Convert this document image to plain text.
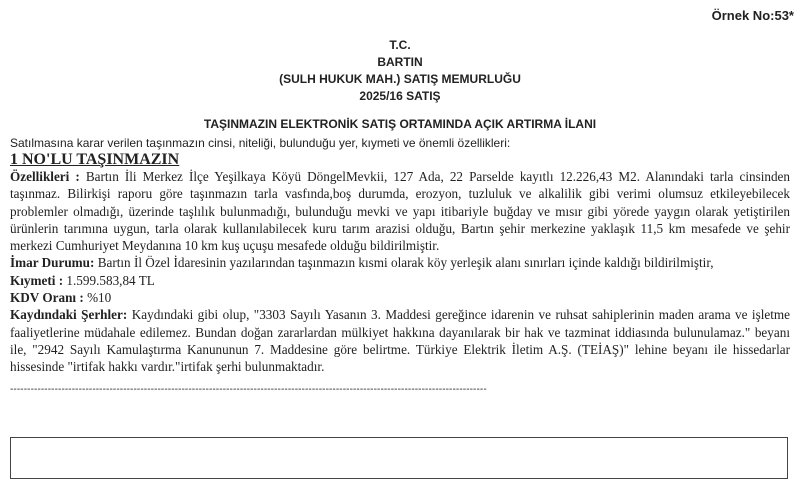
Örnek No:53*
T.C.
BARTIN
(SULH HUKUK MAH.) SATIŞ MEMURLUĞU
2025/16 SATIŞ
TAŞINMAZIN ELEKTRONİK SATIŞ ORTAMINDA AÇIK ARTIRMA İLANI
Satılmasına karar verilen taşınmazın cinsi, niteliği, bulunduğu yer, kıymeti ve önemli özellikleri:
1 NO'LU TAŞINMAZIN

Özellikleri : Bartın İli Merkez İlçe Yeşilkaya Köyü DöngelMevkii, 127 Ada, 22 Parselde kayıtlı 12.226,43 M2. Alanındaki tarla cinsinden taşınmaz. Bilirkişi raporu göre taşınmazın tarla vasfında,boş durumda, erozyon, tuzluluk ve alkalilik gibi verimi olumsuz etkileyebilecek problemler olmadığı, üzerinde taşlılık bulunmadığı, bulunduğu mevki ve yapı itibariyle buğday ve mısır gibi yörede yaygın olarak yetiştirilen ürünlerin tarımına uygun, tarla olarak kullanılabilecek kuru tarım arazisi olduğu, Bartın şehir merkezine yaklaşık 11,5 km mesafede ve şehir merkezi Cumhuriyet Meydanına 10 km kuş uçuşu mesafede olduğu bildirilmiştir.

İmar Durumu: Bartın İl Özel İdaresinin yazılarından taşınmazın kısmi olarak köy yerleşik alanı sınırları içinde kaldığı bildirilmiştir,

Kıymeti : 1.599.583,84 TL

KDV Oranı : %10

Kaydındaki Şerhler: Kaydındaki gibi olup, "3303 Sayılı Yasanın 3. Maddesi gereğince idarenin ve ruhsat sahiplerinin maden arama ve işletme faaliyetlerine müdahale edilemez. Bundan doğan zararlardan mülkiyet hakkına dayanılarak bir hak ve tazminat iddiasında bulunulamaz." beyanı ile, "2942 Sayılı Kamulaştırma Kanununun 7. Maddesine göre belirtme. Türkiye Elektrik İletim A.Ş. (TEİAŞ)" lehine beyanı ile hissedarlar hissesinde "irtifak hakkı vardır."irtifak şerhi bulunmaktadır.

-------------------------------------------------------------------------------------------------------------------------------------------
